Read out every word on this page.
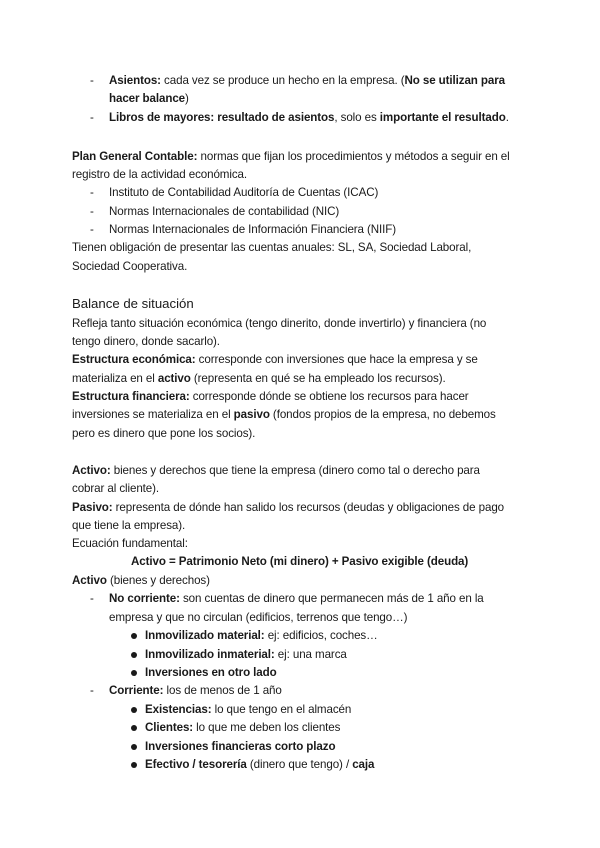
- Asientos: cada vez se produce un hecho en la empresa. (No se utilizan para
hacer balance)
- Libros de mayores: resultado de asientos, solo es importante el resultado.
Plan General Contable: normas que fijan los procedimientos y métodos a seguir en el
registro de la actividad económica.
- Instituto de Contabilidad Auditoría de Cuentas (ICAC)
- Normas Internacionales de contabilidad (NIC)
- Normas Internacionales de Información Financiera (NIIF)
Tienen obligación de presentar las cuentas anuales: SL, SA, Sociedad Laboral,
Sociedad Cooperativa.
Balance de situación
Refleja tanto situación económica (tengo dinerito, donde invertirlo) y financiera (no
tengo dinero, donde sacarlo).
Estructura económica: corresponde con inversiones que hace la empresa y se
materializa en el activo (representa en qué se ha empleado los recursos).
Estructura financiera: corresponde dónde se obtiene los recursos para hacer
inversiones se materializa en el pasivo (fondos propios de la empresa, no debemos
pero es dinero que pone los socios).
Activo: bienes y derechos que tiene la empresa (dinero como tal o derecho para
cobrar al cliente).
Pasivo: representa de dónde han salido los recursos (deudas y obligaciones de pago
que tiene la empresa).
Ecuación fundamental:
Activo = Patrimonio Neto (mi dinero) + Pasivo exigible (deuda)
Activo (bienes y derechos)
- No corriente: son cuentas de dinero que permanecen más de 1 año en la
empresa y que no circulan (edificios, terrenos que tengo…)
Inmovilizado material: ej: edificios, coches…
Inmovilizado inmaterial: ej: una marca
Inversiones en otro lado
- Corriente: los de menos de 1 año
Existencias: lo que tengo en el almacén
Clientes: lo que me deben los clientes
Inversiones financieras corto plazo
Efectivo / tesorería (dinero que tengo) / caja
